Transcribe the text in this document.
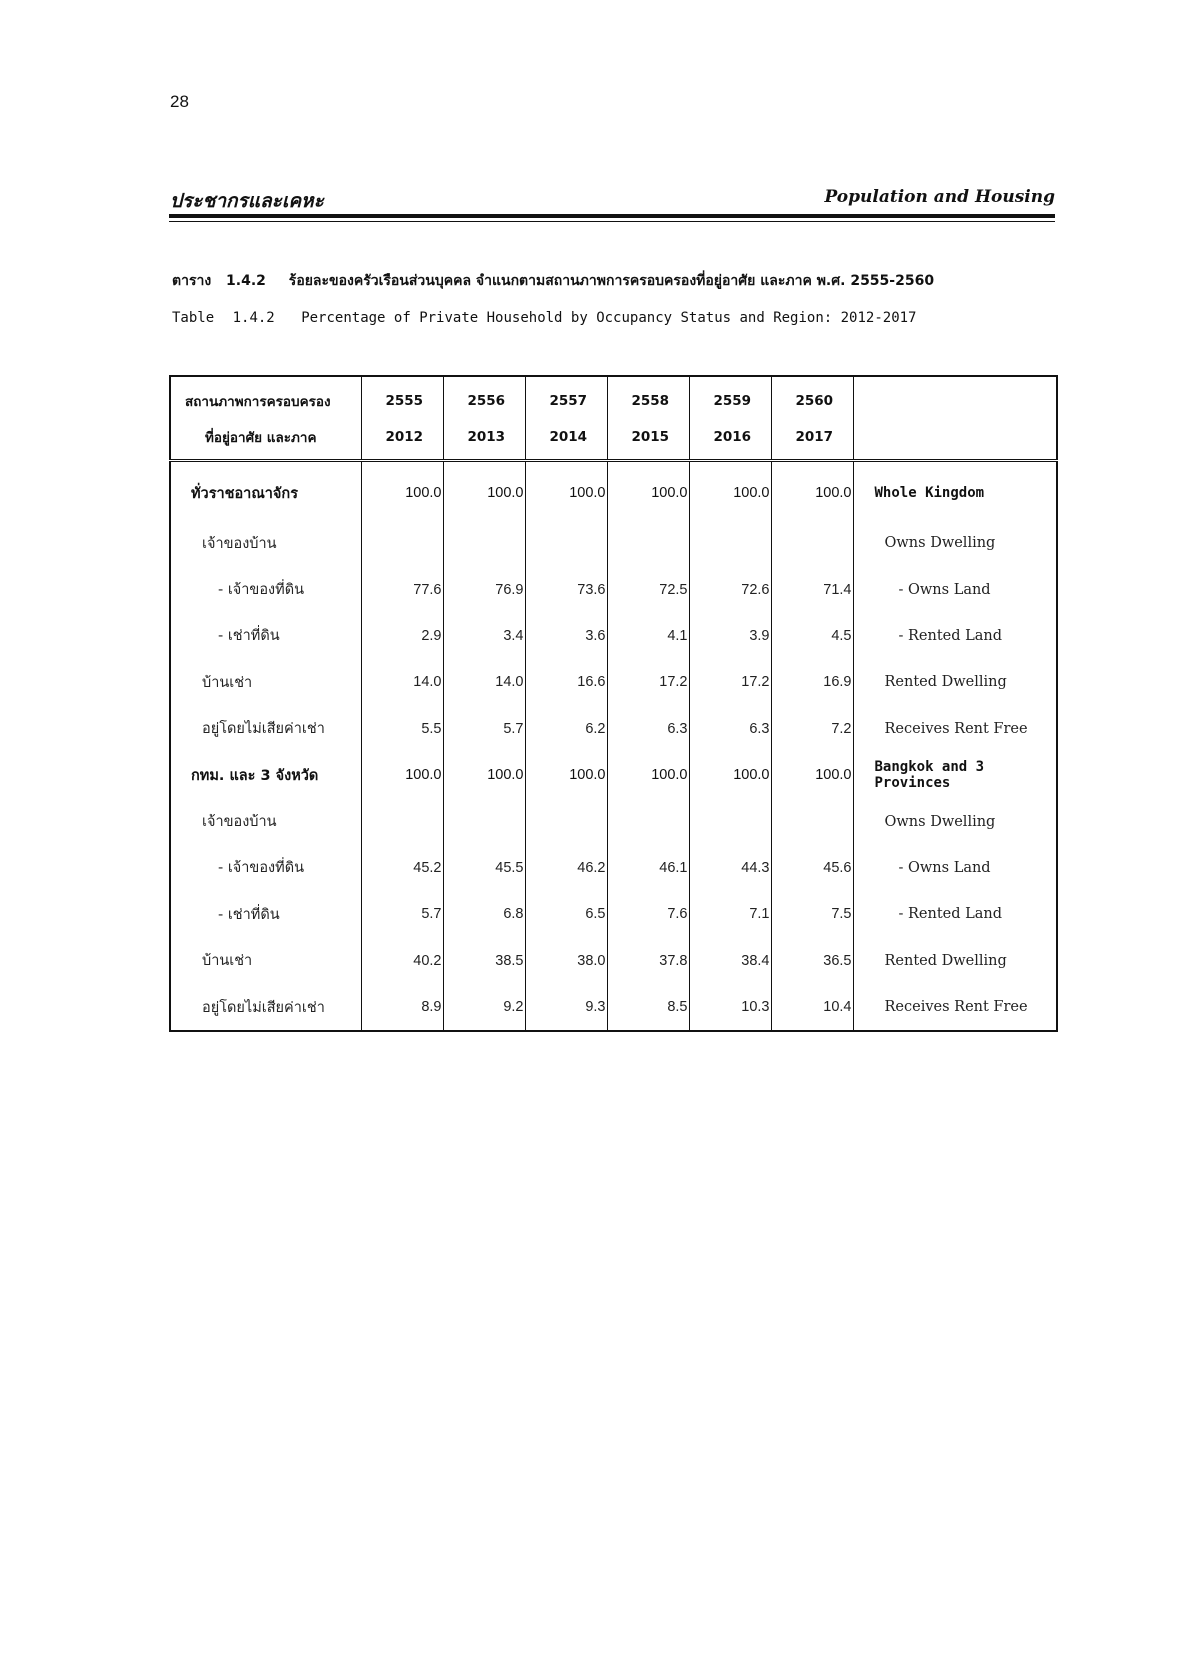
28
ประชากรและเคหะ	Population and Housing
ตาราง 1.4.2 ร้อยละของครัวเรือนส่วนบุคคล จำแนกตามสถานภาพการครอบครองที่อยู่อาศัย และภาค พ.ศ. 2555-2560
Table 1.4.2 Percentage of Private Household by Occupancy Status and Region: 2012-2017
สถานภาพการครอบครอง	2555	2556	2557	2558	2559	2560	
ที่อยู่อาศัย และภาค	2012	2013	2014	2015	2016	2017	
ทั่วราชอาณาจักร	100.0	100.0	100.0	100.0	100.0	100.0	Whole Kingdom
เจ้าของบ้าน							Owns Dwelling
- เจ้าของที่ดิน	77.6	76.9	73.6	72.5	72.6	71.4	- Owns Land
- เช่าที่ดิน	2.9	3.4	3.6	4.1	3.9	4.5	- Rented Land
บ้านเช่า	14.0	14.0	16.6	17.2	17.2	16.9	Rented Dwelling
อยู่โดยไม่เสียค่าเช่า	5.5	5.7	6.2	6.3	6.3	7.2	Receives Rent Free
กทม. และ 3 จังหวัด	100.0	100.0	100.0	100.0	100.0	100.0	Bangkok and 3 Provinces
เจ้าของบ้าน							Owns Dwelling
- เจ้าของที่ดิน	45.2	45.5	46.2	46.1	44.3	45.6	- Owns Land
- เช่าที่ดิน	5.7	6.8	6.5	7.6	7.1	7.5	- Rented Land
บ้านเช่า	40.2	38.5	38.0	37.8	38.4	36.5	Rented Dwelling
อยู่โดยไม่เสียค่าเช่า	8.9	9.2	9.3	8.5	10.3	10.4	Receives Rent Free
